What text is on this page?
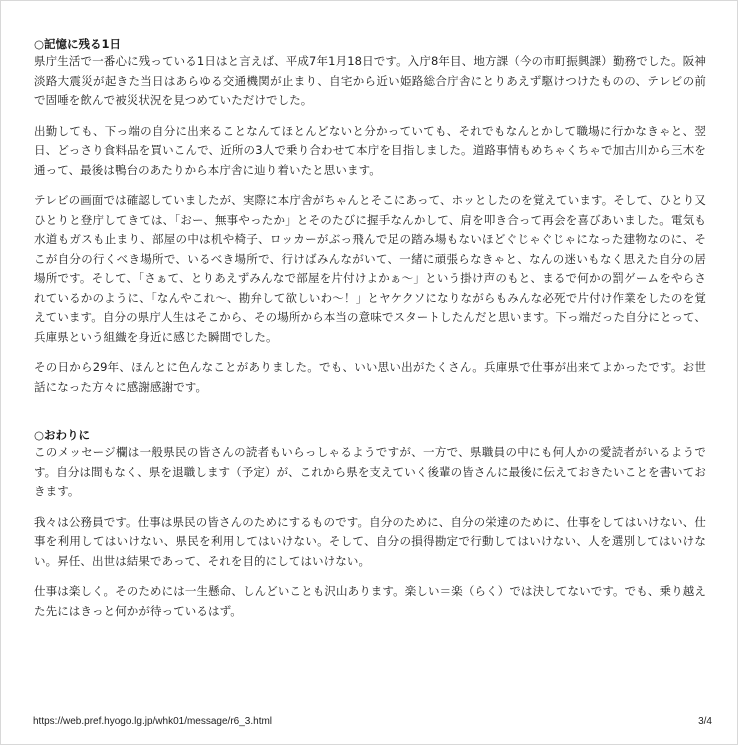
○記憶に残る1日

県庁生活で一番心に残っている1日はと言えば、平成7年1月18日です。入庁8年目、地方課（今の市町振興課）勤務でした。阪神淡路大震災が起きた当日はあらゆる交通機関が止まり、自宅から近い姫路総合庁舎にとりあえず駆けつけたものの、テレビの前で固唾を飲んで被災状況を見つめていただけでした。

出勤しても、下っ端の自分に出来ることなんてほとんどないと分かっていても、それでもなんとかして職場に行かなきゃと、翌日、どっさり食料品を買いこんで、近所の3人で乗り合わせて本庁を目指しました。道路事情もめちゃくちゃで加古川から三木を通って、最後は鴨台のあたりから本庁舎に辿り着いたと思います。

テレビの画面では確認していましたが、実際に本庁舎がちゃんとそこにあって、ホッとしたのを覚えています。そして、ひとり又ひとりと登庁してきては、「おー、無事やったか」とそのたびに握手なんかして、肩を叩き合って再会を喜びあいました。電気も水道もガスも止まり、部屋の中は机や椅子、ロッカーがぶっ飛んで足の踏み場もないほどぐじゃぐじゃになった建物なのに、そこが自分の行くべき場所で、いるべき場所で、行けばみんながいて、一緒に頑張らなきゃと、なんの迷いもなく思えた自分の居場所です。そして、「さぁて、とりあえずみんなで部屋を片付けよかぁ〜」という掛け声のもと、まるで何かの罰ゲームをやらされているかのように、「なんやこれ〜、勘弁して欲しいわ〜！」とヤケクソになりながらもみんな必死で片付け作業をしたのを覚えています。自分の県庁人生はそこから、その場所から本当の意味でスタートしたんだと思います。下っ端だった自分にとって、兵庫県という組織を身近に感じた瞬間でした。

その日から29年、ほんとに色んなことがありました。でも、いい思い出がたくさん。兵庫県で仕事が出来てよかったです。お世話になった方々に感謝感謝です。

○おわりに

このメッセージ欄は一般県民の皆さんの読者もいらっしゃるようですが、一方で、県職員の中にも何人かの愛読者がいるようです。自分は間もなく、県を退職します（予定）が、これから県を支えていく後輩の皆さんに最後に伝えておきたいことを書いておきます。

我々は公務員です。仕事は県民の皆さんのためにするものです。自分のために、自分の栄達のために、仕事をしてはいけない、仕事を利用してはいけない、県民を利用してはいけない。そして、自分の損得勘定で行動してはいけない、人を選別してはいけない。昇任、出世は結果であって、それを目的にしてはいけない。

仕事は楽しく。そのためには一生懸命、しんどいことも沢山あります。楽しい＝楽（らく）では決してないです。でも、乗り越えた先にはきっと何かが待っているはず。

https://web.pref.hyogo.lg.jp/whk01/message/r6_3.html	3/4
